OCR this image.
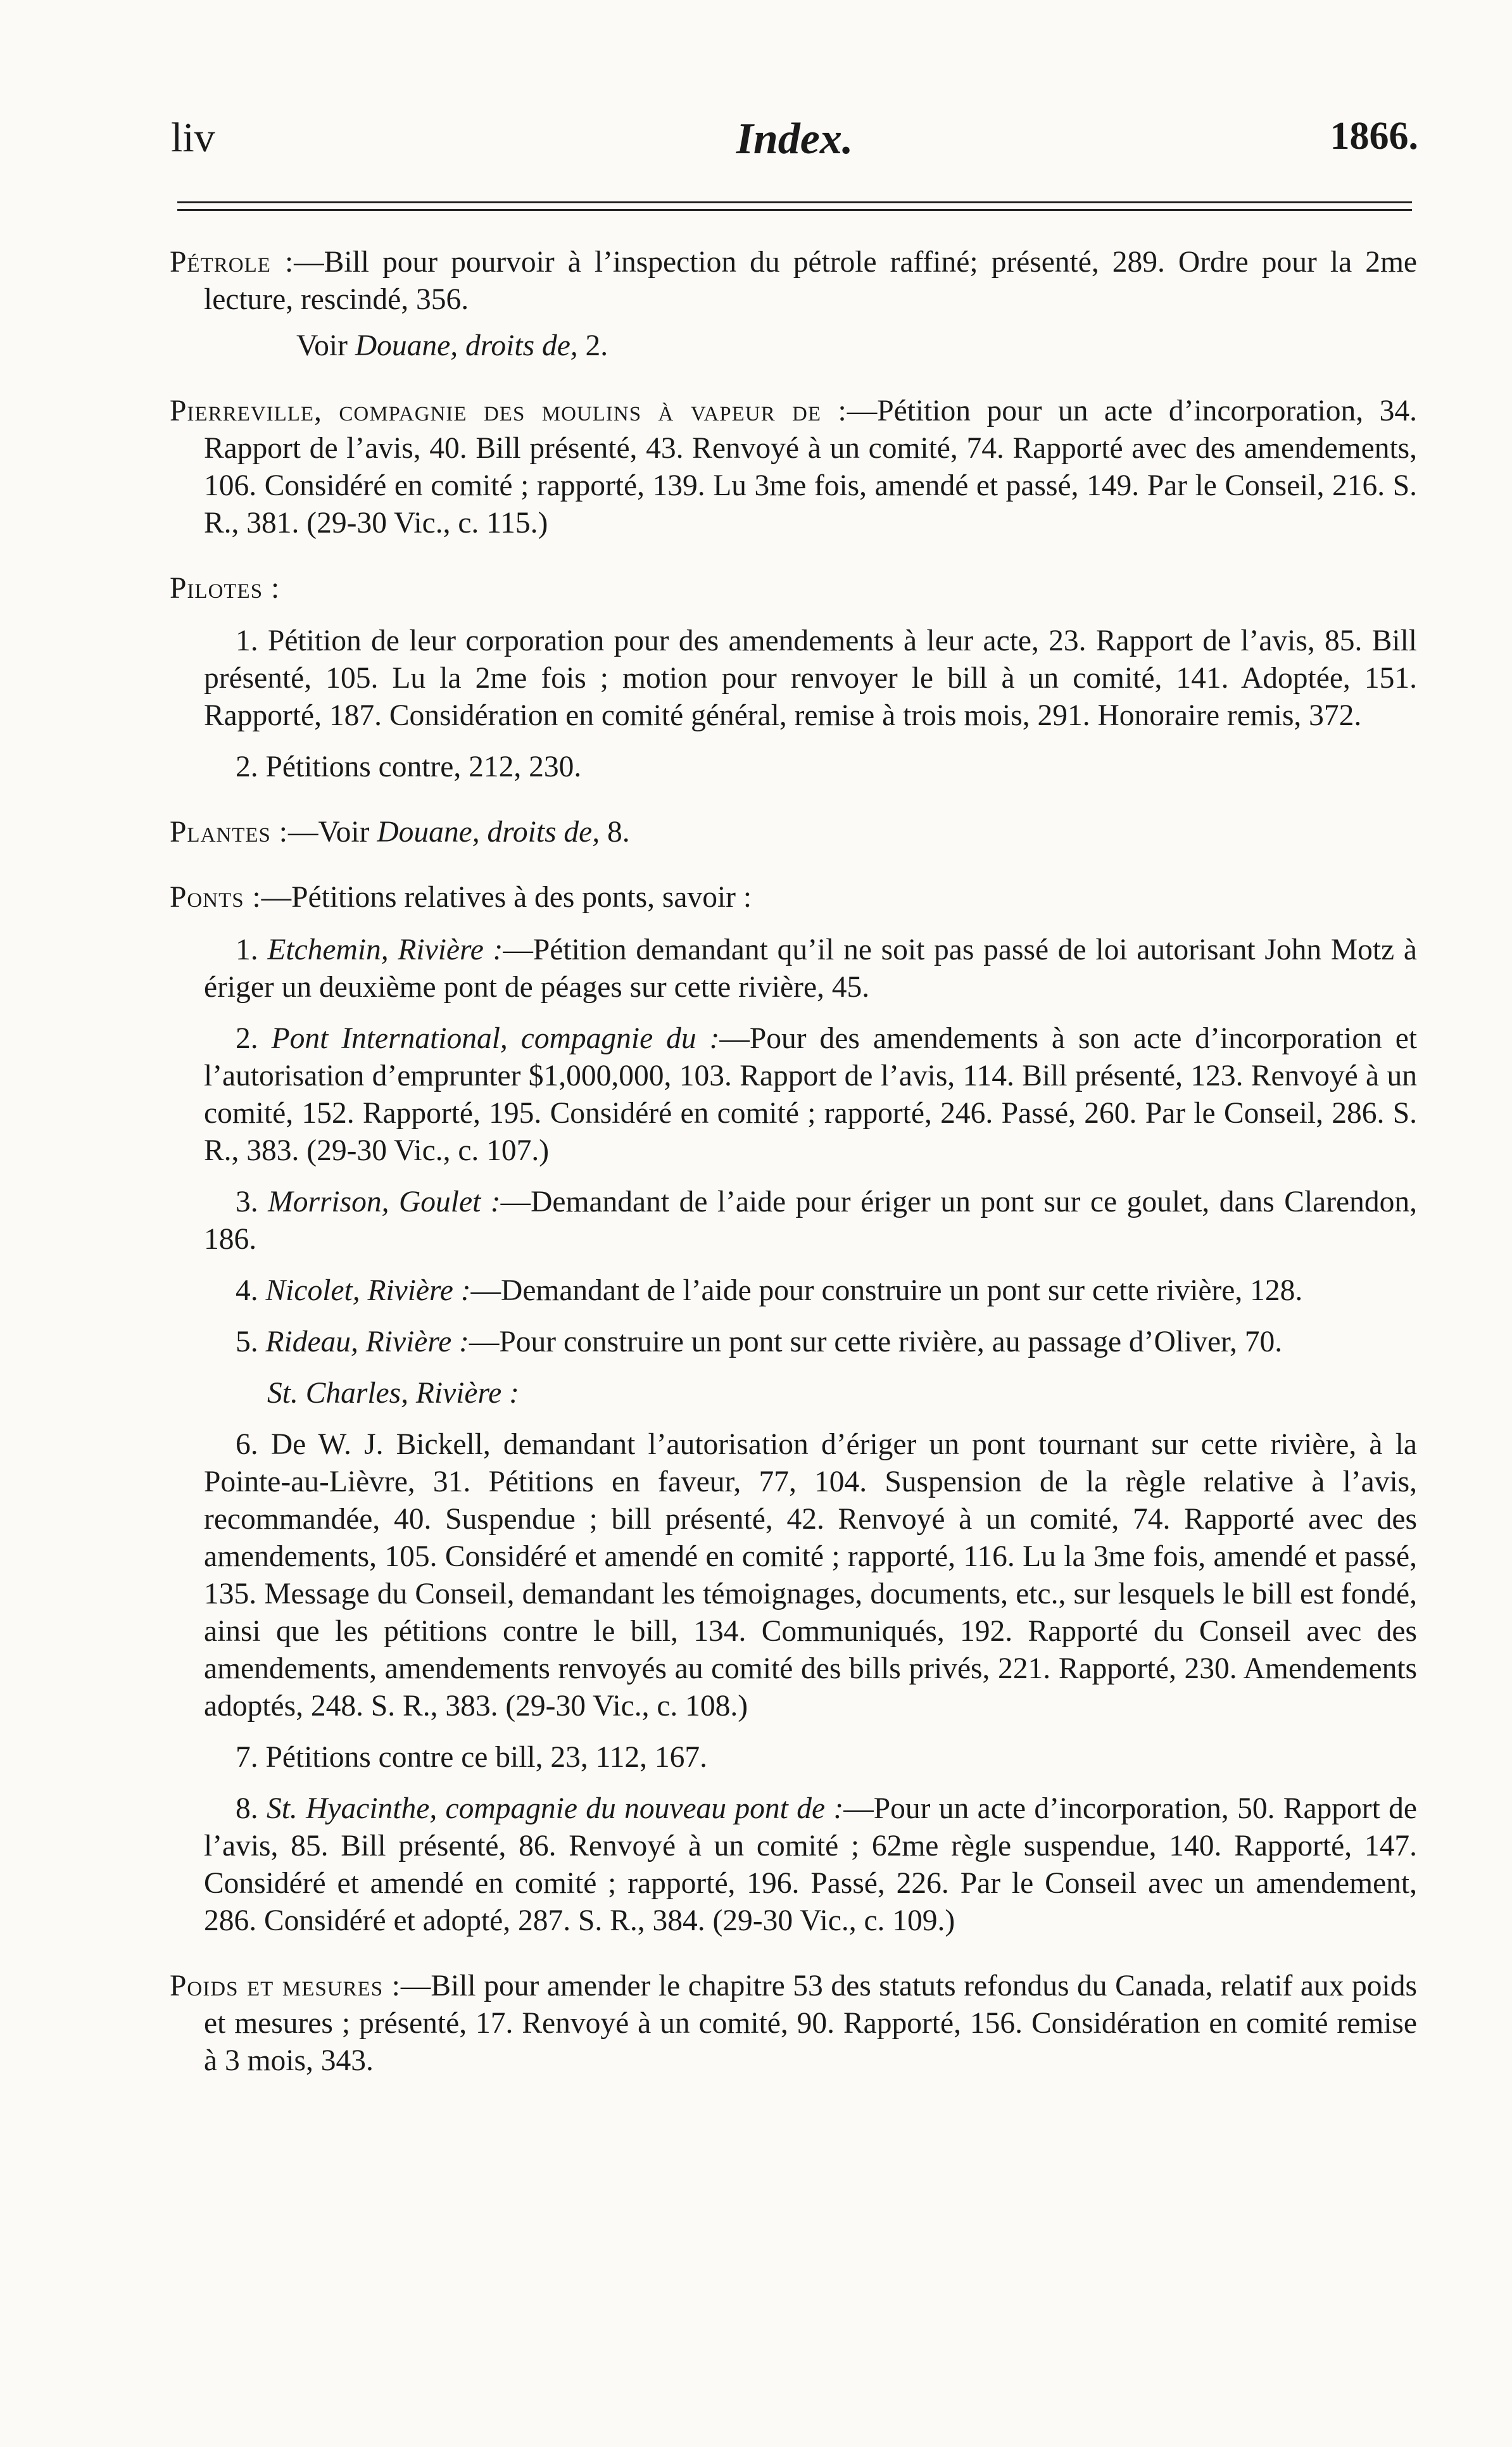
liv	Index.	1866.

Pétrole :—Bill pour pourvoir à l’inspection du pétrole raffiné; présenté, 289. Ordre pour la 2me lecture, rescindé, 356.

Voir Douane, droits de, 2.

Pierreville, compagnie des moulins à vapeur de :—Pétition pour un acte d’incorporation, 34. Rapport de l’avis, 40. Bill présenté, 43. Renvoyé à un comité, 74. Rapporté avec des amendements, 106. Considéré en comité ; rapporté, 139. Lu 3me fois, amendé et passé, 149. Par le Conseil, 216. S. R., 381. (29-30 Vic., c. 115.)

Pilotes :

1. Pétition de leur corporation pour des amendements à leur acte, 23. Rapport de l’avis, 85. Bill présenté, 105. Lu la 2me fois ; motion pour renvoyer le bill à un comité, 141. Adoptée, 151. Rapporté, 187. Considération en comité général, remise à trois mois, 291. Honoraire remis, 372.

2. Pétitions contre, 212, 230.

Plantes :—Voir Douane, droits de, 8.

Ponts :—Pétitions relatives à des ponts, savoir :

1. Etchemin, Rivière :—Pétition demandant qu’il ne soit pas passé de loi autorisant John Motz à ériger un deuxième pont de péages sur cette rivière, 45.

2. Pont International, compagnie du :—Pour des amendements à son acte d’incorporation et l’autorisation d’emprunter $1,000,000, 103. Rapport de l’avis, 114. Bill présenté, 123. Renvoyé à un comité, 152. Rapporté, 195. Considéré en comité ; rapporté, 246. Passé, 260. Par le Conseil, 286. S. R., 383. (29-30 Vic., c. 107.)

3. Morrison, Goulet :—Demandant de l’aide pour ériger un pont sur ce goulet, dans Clarendon, 186.

4. Nicolet, Rivière :—Demandant de l’aide pour construire un pont sur cette rivière, 128.

5. Rideau, Rivière :—Pour construire un pont sur cette rivière, au passage d’Oliver, 70.

St. Charles, Rivière :

6. De W. J. Bickell, demandant l’autorisation d’ériger un pont tournant sur cette rivière, à la Pointe-au-Lièvre, 31. Pétitions en faveur, 77, 104. Suspension de la règle relative à l’avis, recommandée, 40. Suspendue ; bill présenté, 42. Renvoyé à un comité, 74. Rapporté avec des amendements, 105. Considéré et amendé en comité ; rapporté, 116. Lu la 3me fois, amendé et passé, 135. Message du Conseil, demandant les témoignages, documents, etc., sur lesquels le bill est fondé, ainsi que les pétitions contre le bill, 134. Communiqués, 192. Rapporté du Conseil avec des amendements, amendements renvoyés au comité des bills privés, 221. Rapporté, 230. Amendements adoptés, 248. S. R., 383. (29-30 Vic., c. 108.)

7. Pétitions contre ce bill, 23, 112, 167.

8. St. Hyacinthe, compagnie du nouveau pont de :—Pour un acte d’incorporation, 50. Rapport de l’avis, 85. Bill présenté, 86. Renvoyé à un comité ; 62me règle suspendue, 140. Rapporté, 147. Considéré et amendé en comité ; rapporté, 196. Passé, 226. Par le Conseil avec un amendement, 286. Considéré et adopté, 287. S. R., 384. (29-30 Vic., c. 109.)

Poids et mesures :—Bill pour amender le chapitre 53 des statuts refondus du Canada, relatif aux poids et mesures ; présenté, 17. Renvoyé à un comité, 90. Rapporté, 156. Considération en comité remise à 3 mois, 343.
